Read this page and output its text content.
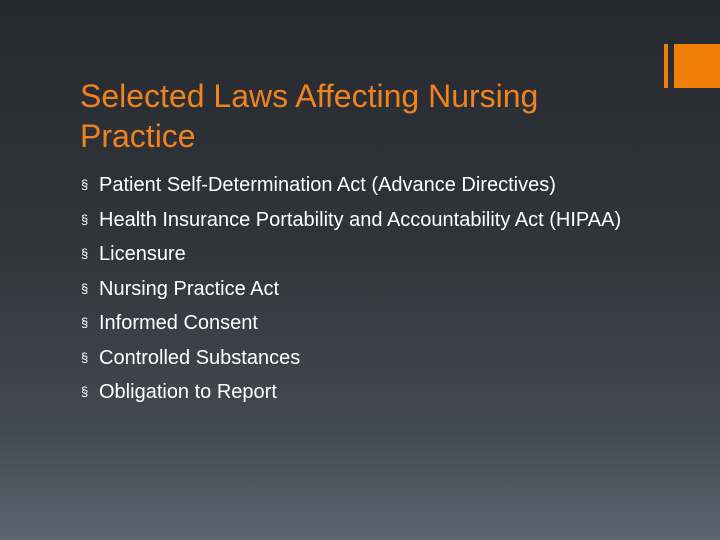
Selected Laws Affecting Nursing Practice
§ Patient Self-Determination Act (Advance Directives)
§ Health Insurance Portability and Accountability Act (HIPAA)
§ Licensure
§ Nursing Practice Act
§ Informed Consent
§ Controlled Substances
§ Obligation to Report
